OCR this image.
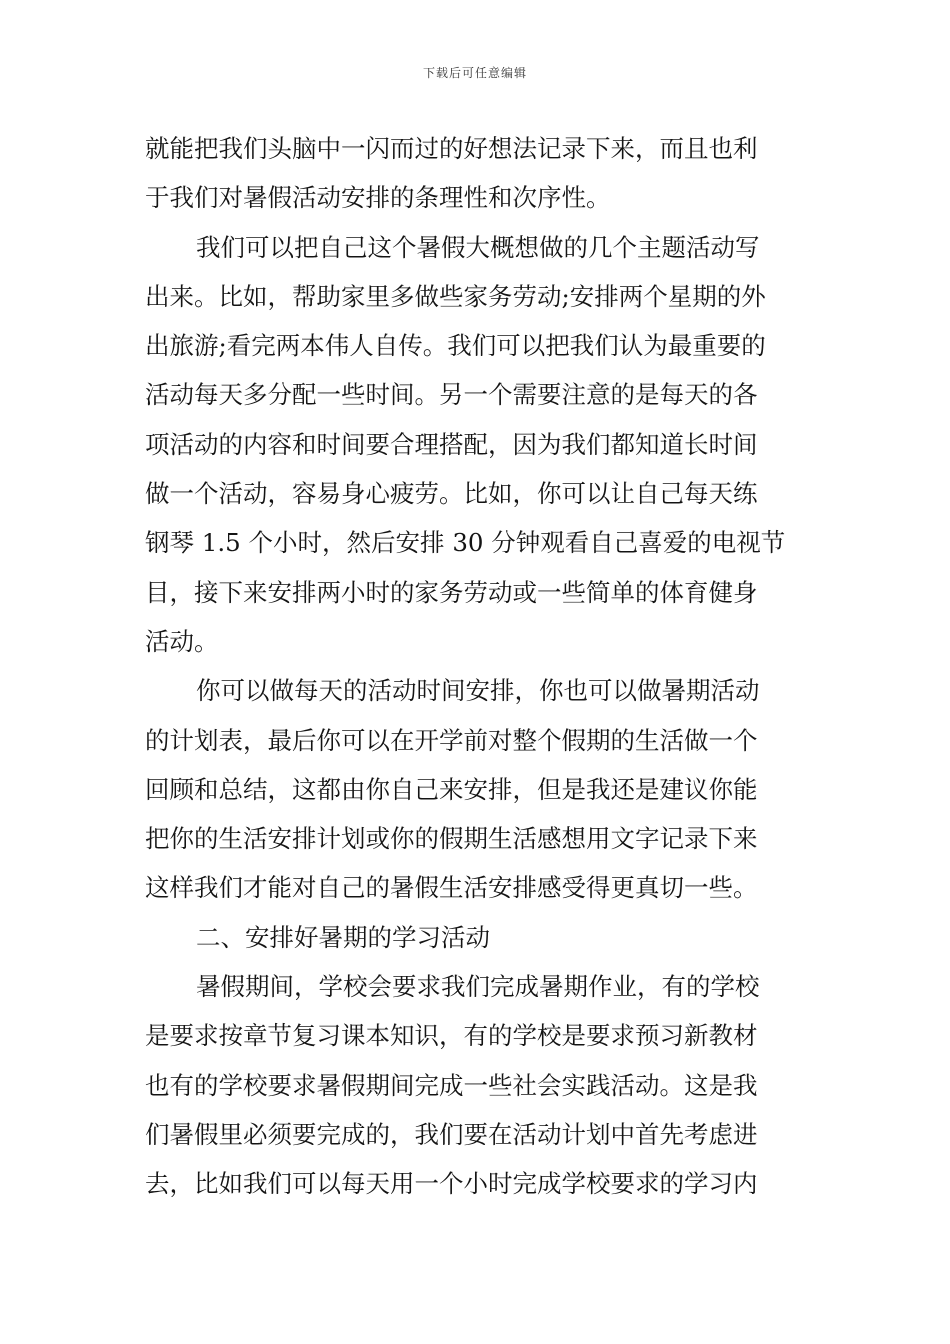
下载后可任意编辑
就能把我们头脑中一闪而过的好想法记录下来，而且也利
于我们对暑假活动安排的条理性和次序性。
我们可以把自己这个暑假大概想做的几个主题活动写
出来。比如，帮助家里多做些家务劳动;安排两个星期的外
出旅游;看完两本伟人自传。我们可以把我们认为最重要的
活动每天多分配一些时间。另一个需要注意的是每天的各
项活动的内容和时间要合理搭配，因为我们都知道长时间
做一个活动，容易身心疲劳。比如，你可以让自己每天练
钢琴 1.5 个小时，然后安排 30 分钟观看自己喜爱的电视节
目，接下来安排两小时的家务劳动或一些简单的体育健身
活动。
你可以做每天的活动时间安排，你也可以做暑期活动
的计划表，最后你可以在开学前对整个假期的生活做一个
回顾和总结，这都由你自己来安排，但是我还是建议你能
把你的生活安排计划或你的假期生活感想用文字记录下来
这样我们才能对自己的暑假生活安排感受得更真切一些。
二、安排好暑期的学习活动
暑假期间，学校会要求我们完成暑期作业，有的学校
是要求按章节复习课本知识，有的学校是要求预习新教材
也有的学校要求暑假期间完成一些社会实践活动。这是我
们暑假里必须要完成的，我们要在活动计划中首先考虑进
去，比如我们可以每天用一个小时完成学校要求的学习内
